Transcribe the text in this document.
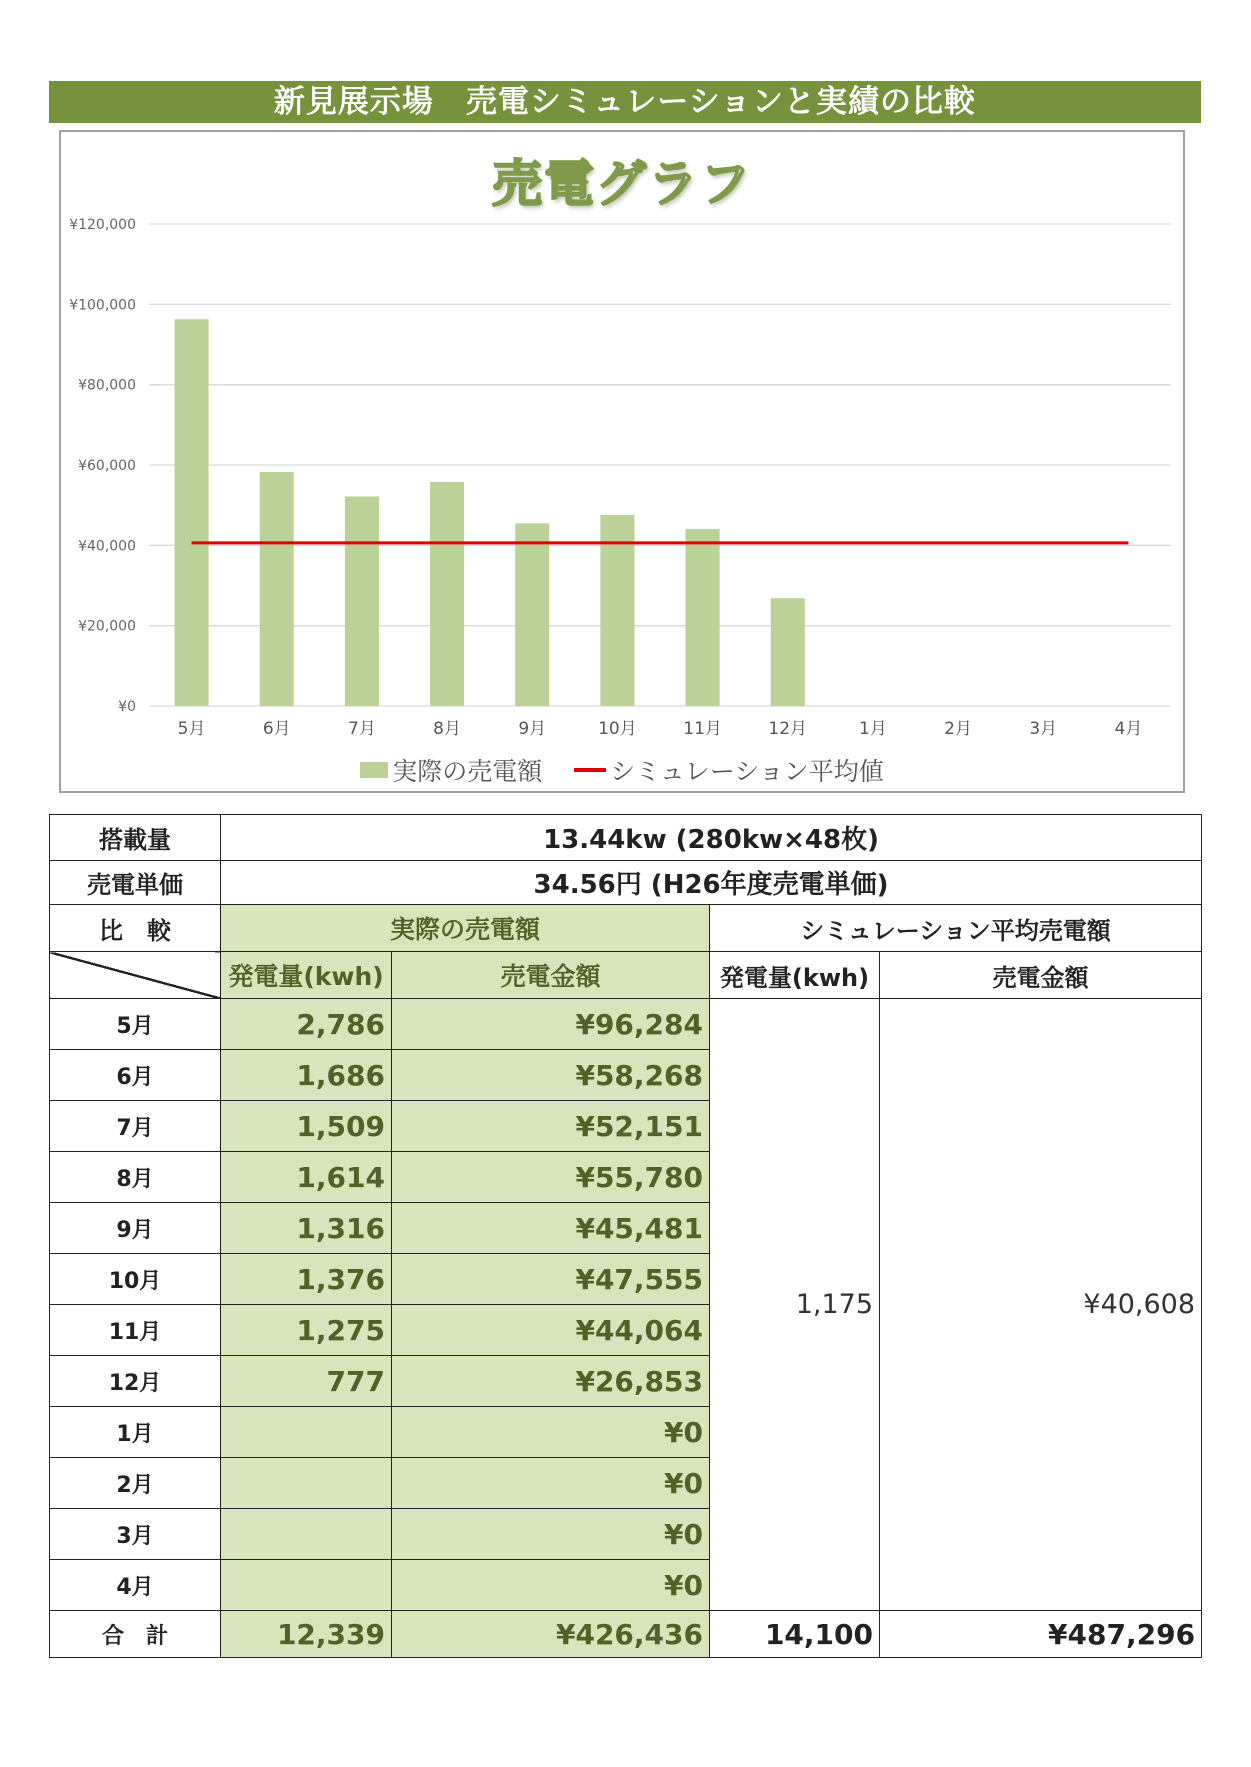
新見展示場　売電シミュレーションと実績の比較
¥0
¥20,000
¥40,000
¥60,000
¥80,000
¥100,000
¥120,000
5月	6月	7月	8月	9月	10月	11月	12月	1月	2月	3月	4月
売電グラフ
実際の売電額	シミュレーション平均値
搭載量	13.44kw (280kw×48枚)			
売電単価	34.56円 (H26年度売電単価)			
比　較	実際の売電額		シミュレーション平均売電額	
	発電量(kwh)	売電金額	発電量(kwh)	売電金額
5月	2,786	¥96,284	1,175	¥40,608
6月	1,686	¥58,268		
7月	1,509	¥52,151		
8月	1,614	¥55,780		
9月	1,316	¥45,481		
10月	1,376	¥47,555		
11月	1,275	¥44,064		
12月	777	¥26,853		
1月		¥0		
2月		¥0		
3月		¥0		
4月		¥0		
合　計	12,339	¥426,436	14,100	¥487,296
